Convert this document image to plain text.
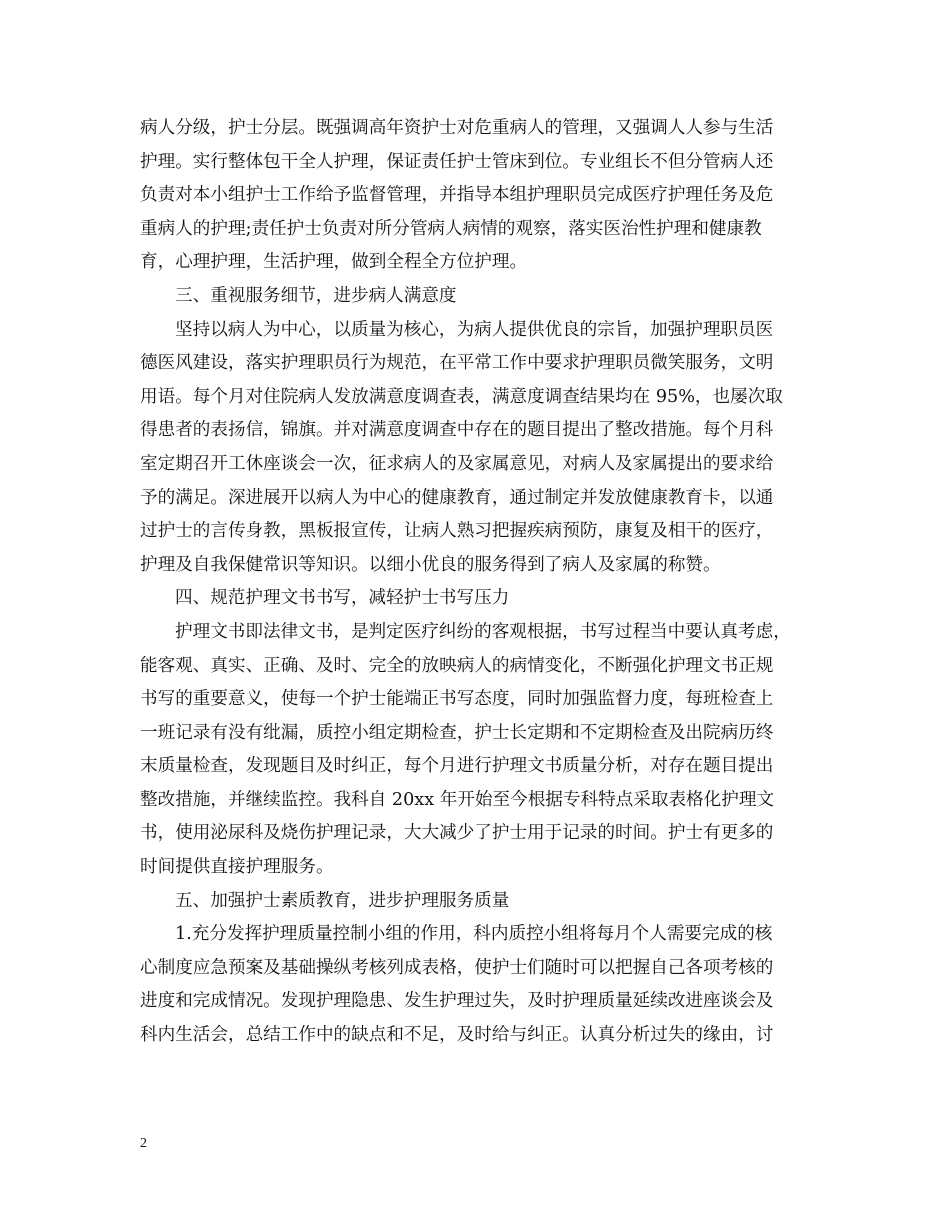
病人分级，护士分层。既强调高年资护士对危重病人的管理，又强调人人参与生活
护理。实行整体包干全人护理，保证责任护士管床到位。专业组长不但分管病人还
负责对本小组护士工作给予监督管理，并指导本组护理职员完成医疗护理任务及危
重病人的护理;责任护士负责对所分管病人病情的观察，落实医治性护理和健康教
育，心理护理，生活护理，做到全程全方位护理。
三、重视服务细节，进步病人满意度
坚持以病人为中心，以质量为核心，为病人提供优良的宗旨，加强护理职员医
德医风建设，落实护理职员行为规范，在平常工作中要求护理职员微笑服务，文明
用语。每个月对住院病人发放满意度调查表，满意度调查结果均在 95%，也屡次取
得患者的表扬信，锦旗。并对满意度调查中存在的题目提出了整改措施。每个月科
室定期召开工休座谈会一次，征求病人的及家属意见，对病人及家属提出的要求给
予的满足。深进展开以病人为中心的健康教育，通过制定并发放健康教育卡，以通
过护士的言传身教，黑板报宣传，让病人熟习把握疾病预防，康复及相干的医疗，
护理及自我保健常识等知识。以细小优良的服务得到了病人及家属的称赞。
四、规范护理文书书写，减轻护士书写压力
护理文书即法律文书，是判定医疗纠纷的客观根据，书写过程当中要认真考虑，
能客观、真实、正确、及时、完全的放映病人的病情变化，不断强化护理文书正规
书写的重要意义，使每一个护士能端正书写态度，同时加强监督力度，每班检查上
一班记录有没有纰漏，质控小组定期检查，护士长定期和不定期检查及出院病历终
末质量检查，发现题目及时纠正，每个月进行护理文书质量分析，对存在题目提出
整改措施，并继续监控。我科自 20xx 年开始至今根据专科特点采取表格化护理文
书，使用泌尿科及烧伤护理记录，大大减少了护士用于记录的时间。护士有更多的
时间提供直接护理服务。
五、加强护士素质教育，进步护理服务质量
1.充分发挥护理质量控制小组的作用，科内质控小组将每月个人需要完成的核
心制度应急预案及基础操纵考核列成表格，使护士们随时可以把握自己各项考核的
进度和完成情况。发现护理隐患、发生护理过失，及时护理质量延续改进座谈会及
科内生活会，总结工作中的缺点和不足，及时给与纠正。认真分析过失的缘由，讨
2
